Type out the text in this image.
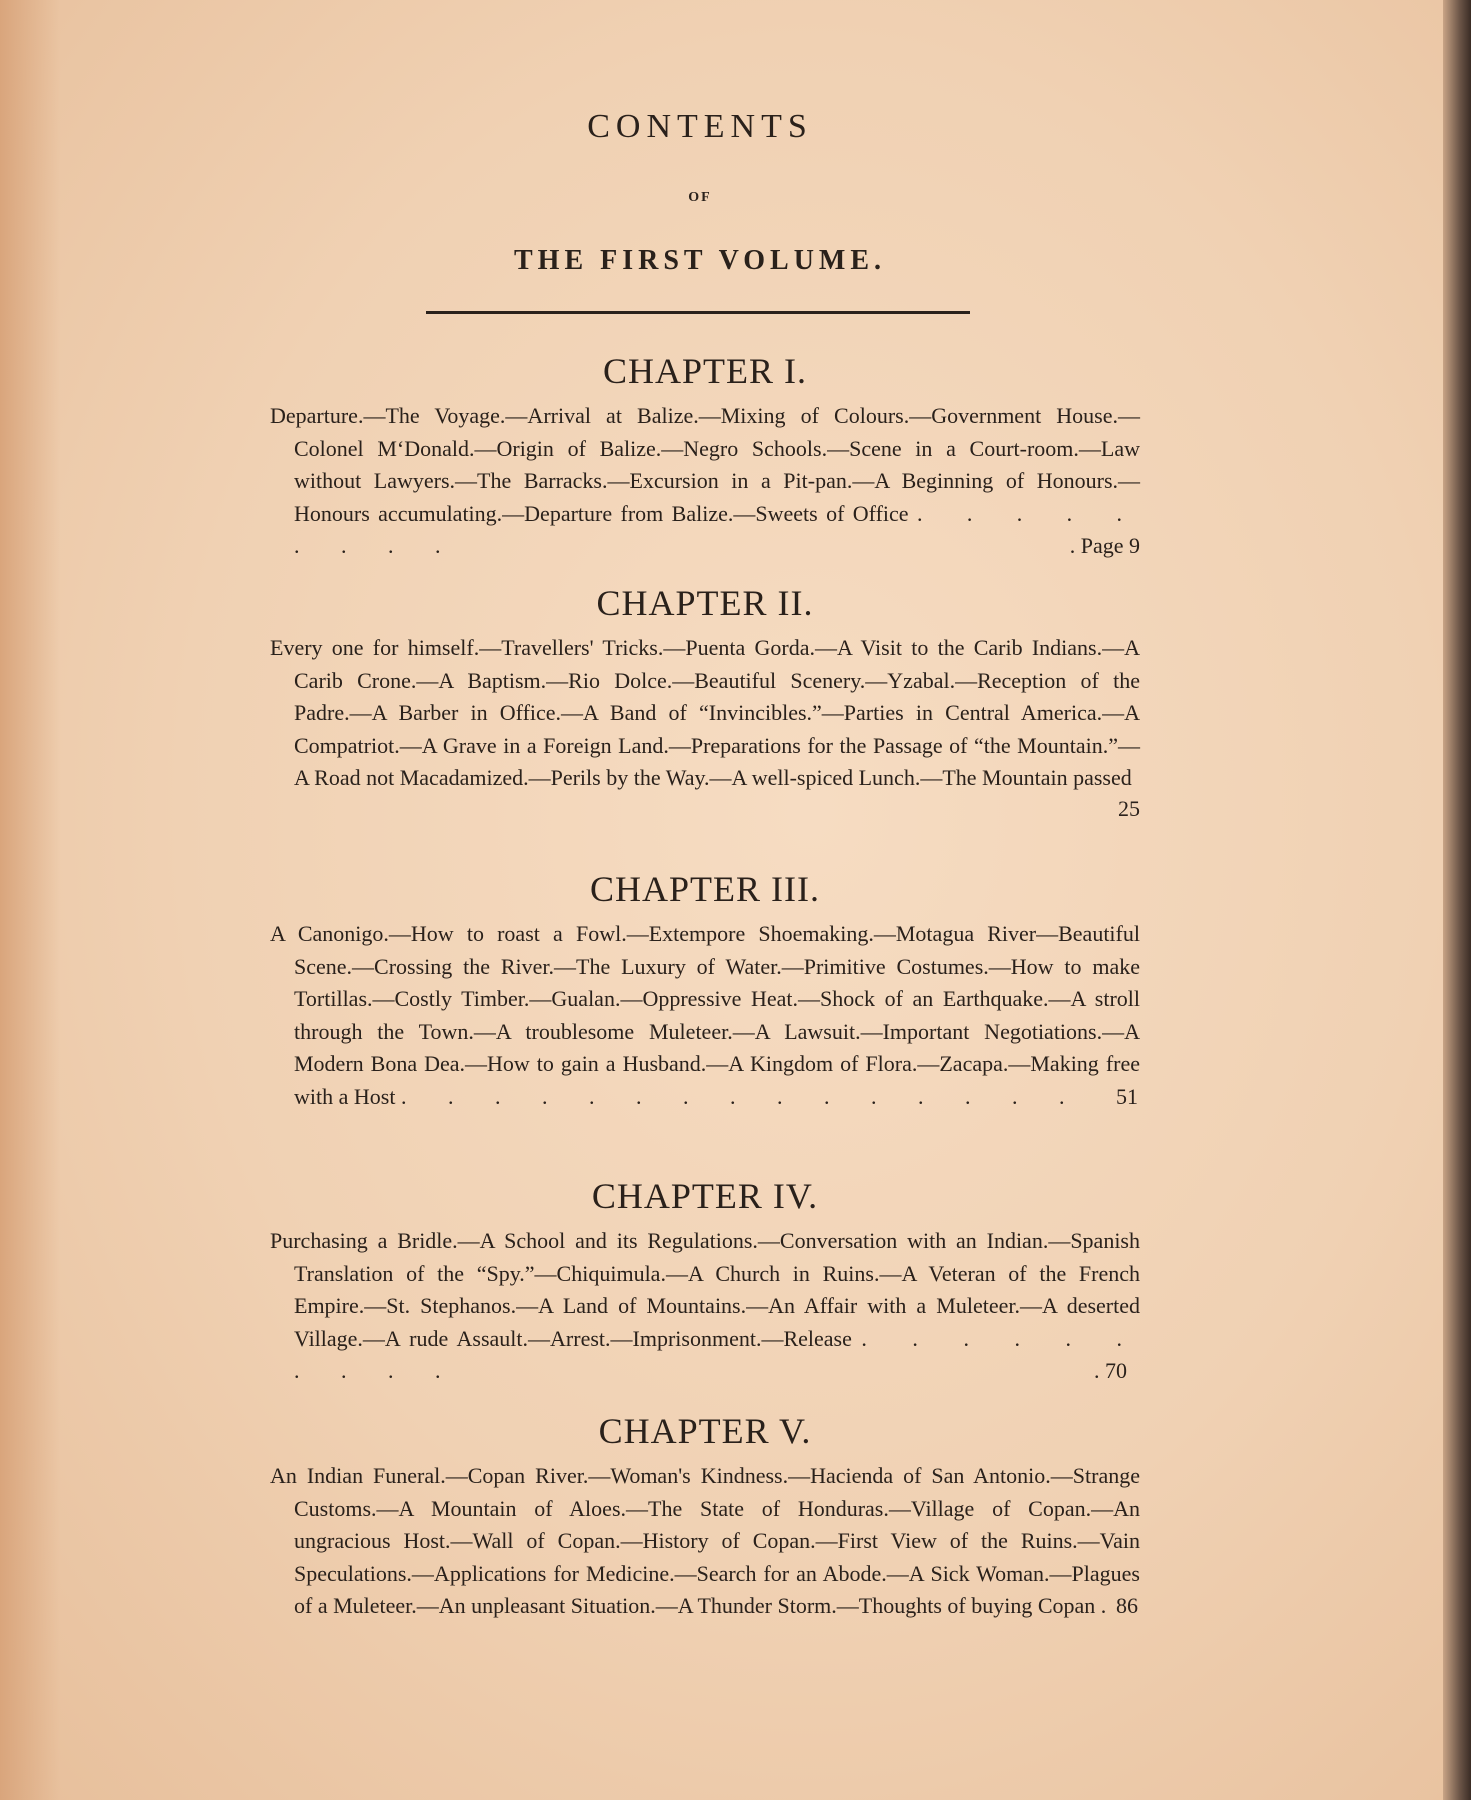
CONTENTS
OF
THE FIRST VOLUME.
CHAPTER I.

Departure.—The Voyage.—Arrival at Balize.—Mixing of Colours.—Government House.—Colonel M‘Donald.—Origin of Balize.—Negro Schools.—Scene in a Court-room.—Law without Lawyers.—The Barracks.—Excursion in a Pit-pan.—A Beginning of Honours.—Honours accumulating.—Departure from Balize.—Sweets of Office . . . . . . . . .	. Page 9

CHAPTER II.

Every one for himself.—Travellers' Tricks.—Puenta Gorda.—A Visit to the Carib Indians.—A Carib Crone.—A Baptism.—Rio Dolce.—Beautiful Scenery.—Yzabal.—Reception of the Padre.—A Barber in Office.—A Band of “Invincibles.”—Parties in Central America.—A Compatriot.—A Grave in a Foreign Land.—Preparations for the Passage of “the Mountain.”—A Road not Macadamized.—Perils by the Way.—A well-spiced Lunch.—The Mountain passed

25
CHAPTER III.

A Canonigo.—How to roast a Fowl.—Extempore Shoemaking.—Motagua River—Beautiful Scene.—Crossing the River.—The Luxury of Water.—Primitive Costumes.—How to make Tortillas.—Costly Timber.—Gualan.—Oppressive Heat.—Shock of an Earthquake.—A stroll through the Town.—A troublesome Muleteer.—A Lawsuit.—Important Negotiations.—A Modern Bona Dea.—How to gain a Husband.—A Kingdom of Flora.—Zacapa.—Making free with a Host . . . . . . . . . . . . . . . 51

CHAPTER IV.

Purchasing a Bridle.—A School and its Regulations.—Conversation with an Indian.—Spanish Translation of the “Spy.”—Chiquimula.—A Church in Ruins.—A Veteran of the French Empire.—St. Stephanos.—A Land of Mountains.—An Affair with a Muleteer.—A deserted Village.—A rude Assault.—Arrest.—Imprisonment.—Release . . . . . . . . . .	. 70

CHAPTER V.

An Indian Funeral.—Copan River.—Woman's Kindness.—Hacienda of San Antonio.—Strange Customs.—A Mountain of Aloes.—The State of Honduras.—Village of Copan.—An ungracious Host.—Wall of Copan.—History of Copan.—First View of the Ruins.—Vain Speculations.—Applications for Medicine.—Search for an Abode.—A Sick Woman.—Plagues of a Muleteer.—An unpleasant Situation.—A Thunder Storm.—Thoughts of buying Copan . 86
